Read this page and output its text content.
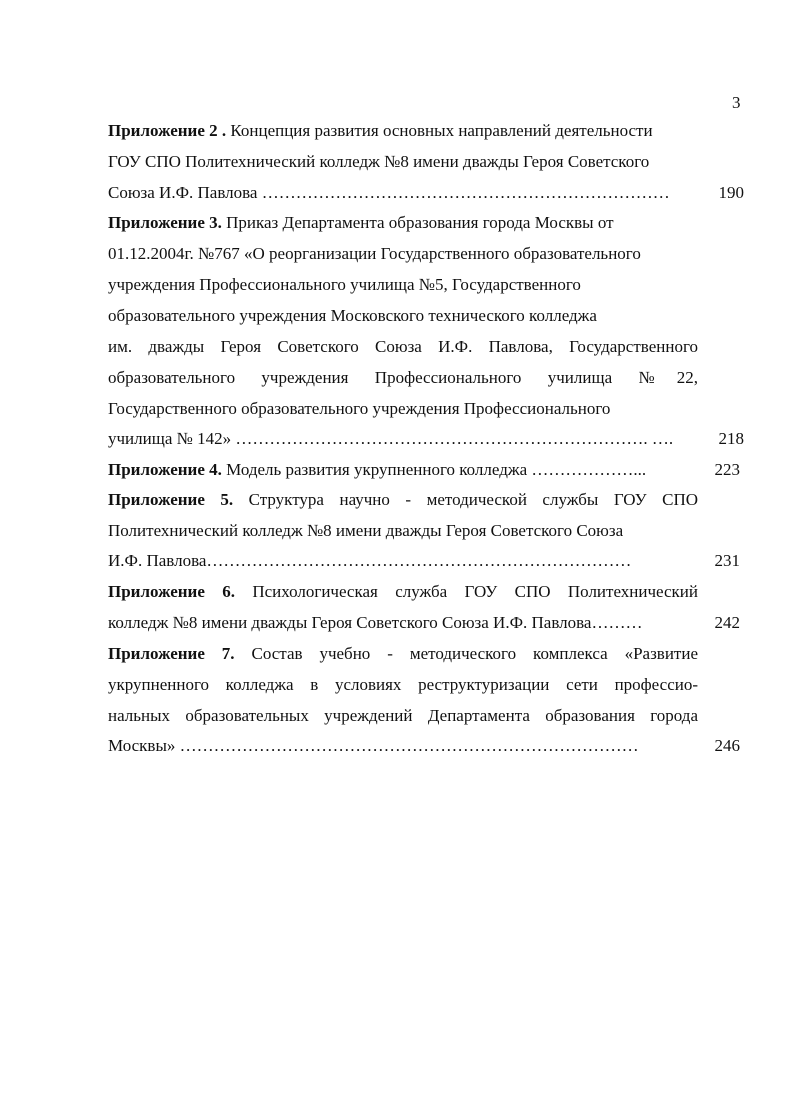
3
Приложение 2 . Концепция развития основных направлений деятельности
ГОУ СПО Политехнический колледж №8 имени дважды Героя Советского
Союза И.Ф. Павлова ………………………………………………………………	190
Приложение 3. Приказ Департамента образования города Москвы от
01.12.2004г. №767 «О реорганизации Государственного образовательного
учреждения Профессионального училища №5, Государственного
образовательного учреждения Московского технического колледжа
им. дважды Героя Советского Союза И.Ф. Павлова, Государственного
образовательного учреждения Профессионального училища №22,
Государственного образовательного учреждения Профессионального
училища № 142» ………………………………………………………………. ….	218
Приложение 4. Модель развития укрупненного колледжа ………………...	223
Приложение 5. Структура научно - методической службы ГОУ СПО
Политехнический колледж №8 имени дважды Героя Советского Союза
И.Ф. Павлова…………………………………………………………………	231
Приложение 6. Психологическая служба ГОУ СПО Политехнический
колледж №8 имени дважды Героя Советского Союза И.Ф. Павлова………	242
Приложение 7. Состав учебно - методического комплекса «Развитие
укрупненного колледжа в условиях реструктуризации сети профессио-
нальных образовательных учреждений Департамента образования города
Москвы» ………………………………………………………………………	246
